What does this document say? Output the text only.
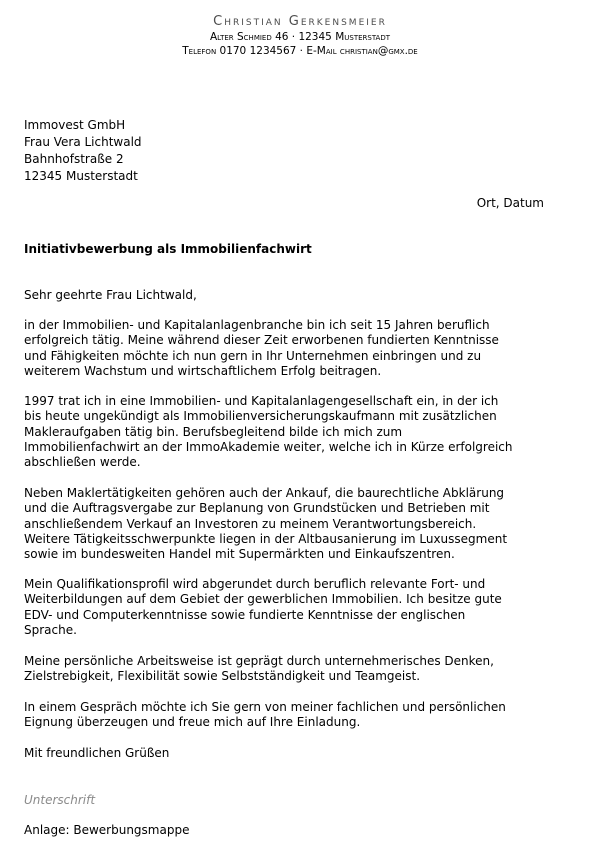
Christian Gerkensmeier
Alter Schmied 46 · 12345 Musterstadt
Telefon 0170 1234567 · E-Mail christian@gmx.de
Immovest GmbH
Frau Vera Lichtwald
Bahnhofstraße 2
12345 Musterstadt
Ort, Datum
Initiativbewerbung als Immobilienfachwirt
Sehr geehrte Frau Lichtwald,
in der Immobilien- und Kapitalanlagenbranche bin ich seit 15 Jahren beruflich
erfolgreich tätig. Meine während dieser Zeit erworbenen fundierten Kenntnisse
und Fähigkeiten möchte ich nun gern in Ihr Unternehmen einbringen und zu
weiterem Wachstum und wirtschaftlichem Erfolg beitragen.
1997 trat ich in eine Immobilien- und Kapitalanlagengesellschaft ein, in der ich
bis heute ungekündigt als Immobilienversicherungskaufmann mit zusätzlichen
Makleraufgaben tätig bin. Berufsbegleitend bilde ich mich zum
Immobilienfachwirt an der ImmoAkademie weiter, welche ich in Kürze erfolgreich
abschließen werde.
Neben Maklertätigkeiten gehören auch der Ankauf, die baurechtliche Abklärung
und die Auftragsvergabe zur Beplanung von Grundstücken und Betrieben mit
anschließendem Verkauf an Investoren zu meinem Verantwortungsbereich.
Weitere Tätigkeitsschwerpunkte liegen in der Altbausanierung im Luxussegment
sowie im bundesweiten Handel mit Supermärkten und Einkaufszentren.
Mein Qualifikationsprofil wird abgerundet durch beruflich relevante Fort- und
Weiterbildungen auf dem Gebiet der gewerblichen Immobilien. Ich besitze gute
EDV- und Computerkenntnisse sowie fundierte Kenntnisse der englischen
Sprache.
Meine persönliche Arbeitsweise ist geprägt durch unternehmerisches Denken,
Zielstrebigkeit, Flexibilität sowie Selbstständigkeit und Teamgeist.
In einem Gespräch möchte ich Sie gern von meiner fachlichen und persönlichen
Eignung überzeugen und freue mich auf Ihre Einladung.
Mit freundlichen Grüßen
Unterschrift
Anlage: Bewerbungsmappe
